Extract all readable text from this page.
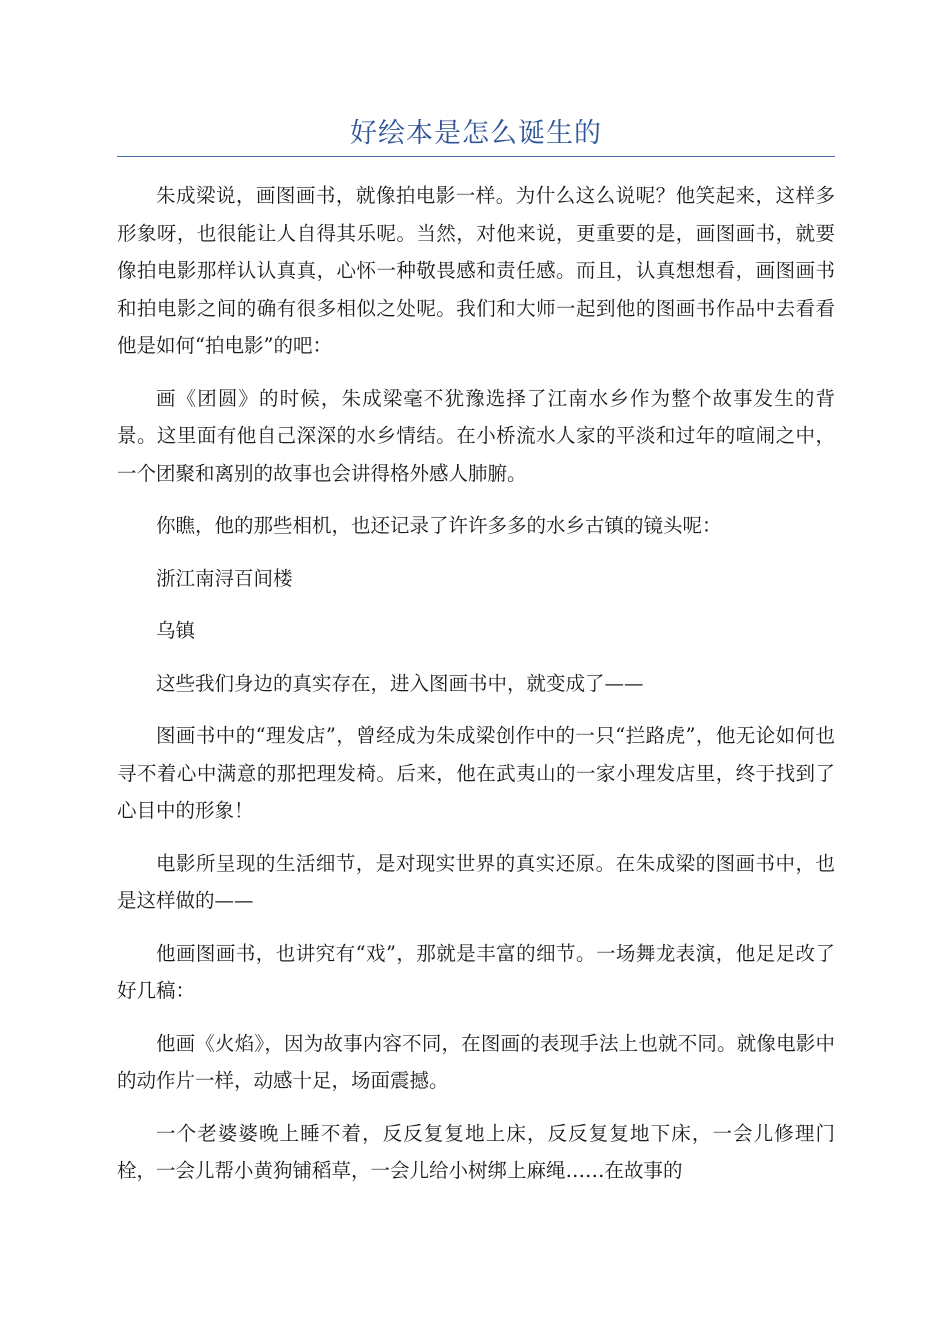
好绘本是怎么诞生的

朱成梁说，画图画书，就像拍电影一样。为什么这么说呢？他笑起来，这样多形象呀，也很能让人自得其乐呢。当然，对他来说，更重要的是，画图画书，就要像拍电影那样认认真真，心怀一种敬畏感和责任感。而且，认真想想看，画图画书和拍电影之间的确有很多相似之处呢。我们和大师一起到他的图画书作品中去看看他是如何“拍电影”的吧：

画《团圆》的时候，朱成梁毫不犹豫选择了江南水乡作为整个故事发生的背景。这里面有他自己深深的水乡情结。在小桥流水人家的平淡和过年的喧闹之中，一个团聚和离别的故事也会讲得格外感人肺腑。

你瞧，他的那些相机，也还记录了许许多多的水乡古镇的镜头呢：

浙江南浔百间楼

乌镇

这些我们身边的真实存在，进入图画书中，就变成了——

图画书中的“理发店”，曾经成为朱成梁创作中的一只“拦路虎”，他无论如何也寻不着心中满意的那把理发椅。后来，他在武夷山的一家小理发店里，终于找到了心目中的形象！

电影所呈现的生活细节，是对现实世界的真实还原。在朱成梁的图画书中，也是这样做的——

他画图画书，也讲究有“戏”，那就是丰富的细节。一场舞龙表演，他足足改了好几稿：

他画《火焰》，因为故事内容不同，在图画的表现手法上也就不同。就像电影中的动作片一样，动感十足，场面震撼。

一个老婆婆晚上睡不着，反反复复地上床，反反复复地下床，一会儿修理门栓，一会儿帮小黄狗铺稻草，一会儿给小树绑上麻绳……在故事的
